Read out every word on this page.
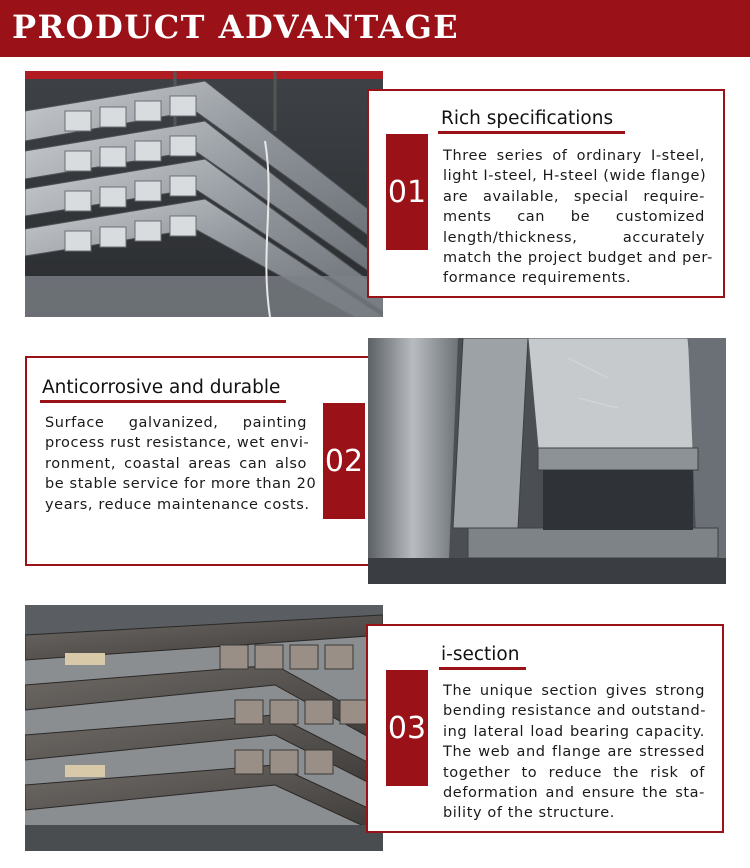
PRODUCT ADVANTAGE
01
Rich specifications
Three series of ordinary I-steel,
light I-steel, H-steel (wide flange)
are available, special require-
ments can be customized
length/thickness, accurately
match the project budget and per-
formance requirements.
02
Anticorrosive and durable
Surface galvanized, painting
process rust resistance, wet envi-
ronment, coastal areas can also
be stable service for more than 20
years, reduce maintenance costs.
03
i-section
The unique section gives strong
bending resistance and outstand-
ing lateral load bearing capacity.
The web and flange are stressed
together to reduce the risk of
deformation and ensure the sta-
bility of the structure.
